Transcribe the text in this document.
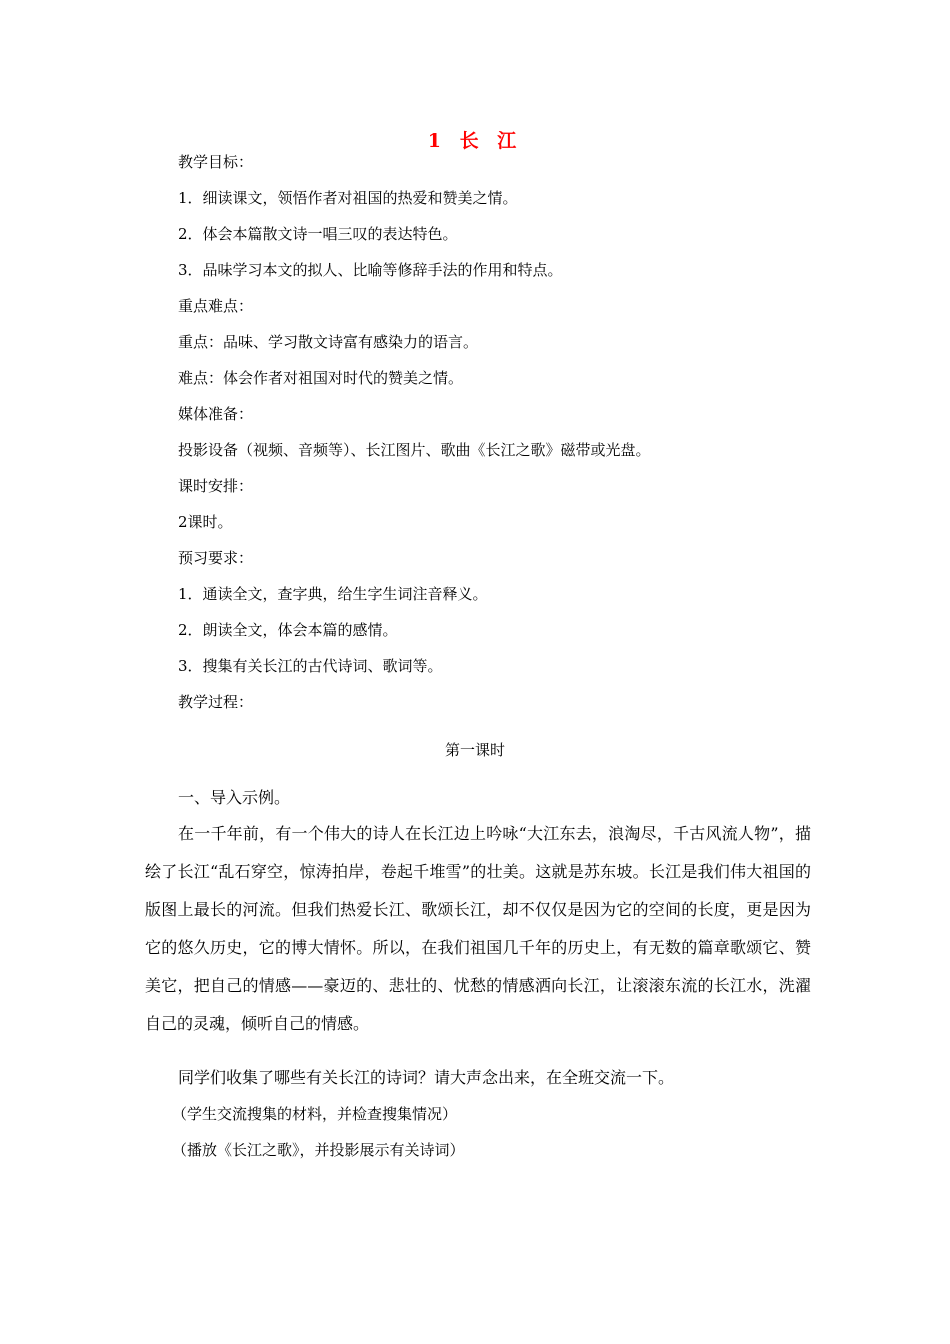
1 长 江
教学目标：
1．细读课文，领悟作者对祖国的热爱和赞美之情。
2．体会本篇散文诗一唱三叹的表达特色。
3．品味学习本文的拟人、比喻等修辞手法的作用和特点。
重点难点：
重点：品味、学习散文诗富有感染力的语言。
难点：体会作者对祖国对时代的赞美之情。
媒体准备：
投影设备（视频、音频等）、长江图片、歌曲《长江之歌》磁带或光盘。
课时安排：
2课时。
预习要求：
1．通读全文，查字典，给生字生词注音释义。
2．朗读全文，体会本篇的感情。
3．搜集有关长江的古代诗词、歌词等。
教学过程：
第一课时
一、导入示例。

在一千年前，有一个伟大的诗人在长江边上吟咏“大江东去，浪淘尽，千古风流人物”，描绘了长江“乱石穿空，惊涛拍岸，卷起千堆雪”的壮美。这就是苏东坡。长江是我们伟大祖国的版图上最长的河流。但我们热爱长江、歌颂长江，却不仅仅是因为它的空间的长度，更是因为它的悠久历史，它的博大情怀。所以，在我们祖国几千年的历史上，有无数的篇章歌颂它、赞美它，把自己的情感——豪迈的、悲壮的、忧愁的情感洒向长江，让滚滚东流的长江水，洗濯自己的灵魂，倾听自己的情感。

同学们收集了哪些有关长江的诗词？请大声念出来，在全班交流一下。
（学生交流搜集的材料，并检查搜集情况）
（播放《长江之歌》，并投影展示有关诗词）
